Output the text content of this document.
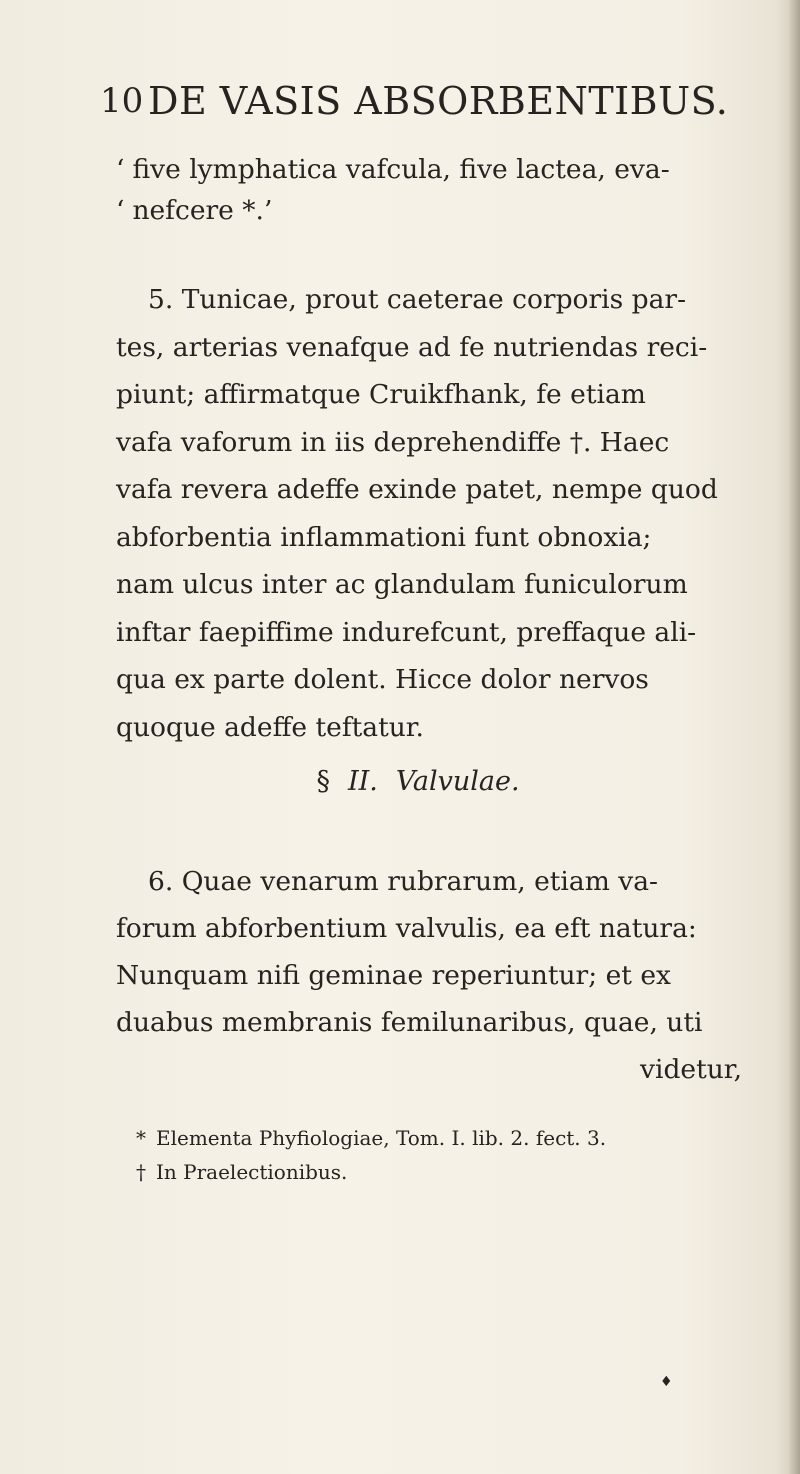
10 DE VASIS ABSORBENTIBUS.
‘ five lymphatica vafcula, five lactea, eva-
‘ nefcere *.’
5. Tunicae, prout caeterae corporis par-
tes, arterias venafque ad fe nutriendas reci-
piunt; affirmatque Cruikfhank, fe etiam
vafa vaforum in iis deprehendiffe †. Haec
vafa revera adeffe exinde patet, nempe quod
abforbentia inflammationi funt obnoxia;
nam ulcus inter ac glandulam funiculorum
inftar faepiffime indurefcunt, preffaque ali-
qua ex parte dolent. Hicce dolor nervos
quoque adeffe teftatur.
§ II. Valvulae.
6. Quae venarum rubrarum, etiam va-
forum abforbentium valvulis, ea eft natura:
Nunquam nifi geminae reperiuntur; et ex
duabus membranis femilunaribus, quae, uti
videtur,
* Elementa Phyfiologiae, Tom. I. lib. 2. fect. 3.
† In Praelectionibus.
♦
